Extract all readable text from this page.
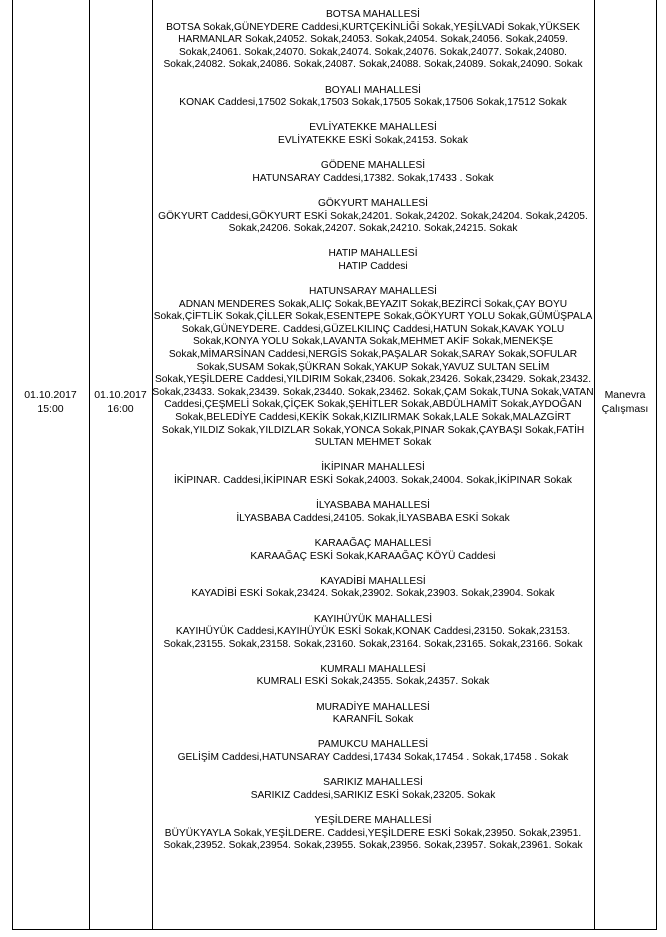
01.10.2017
15:00
01.10.2017
16:00
BOTSA MAHALLESİ
BOTSA Sokak,GÜNEYDERE Caddesi,KURTÇEKİNLİĞİ Sokak,YEŞİLVADİ Sokak,YÜKSEK HARMANLAR Sokak,24052. Sokak,24053. Sokak,24054. Sokak,24056. Sokak,24059. Sokak,24061. Sokak,24070. Sokak,24074. Sokak,24076. Sokak,24077. Sokak,24080. Sokak,24082. Sokak,24086. Sokak,24087. Sokak,24088. Sokak,24089. Sokak,24090. Sokak
BOYALI MAHALLESİ
KONAK Caddesi,17502 Sokak,17503 Sokak,17505 Sokak,17506 Sokak,17512 Sokak
EVLİYATEKKE MAHALLESİ
EVLİYATEKKE ESKİ Sokak,24153. Sokak
GÖDENE MAHALLESİ
HATUNSARAY Caddesi,17382. Sokak,17433 . Sokak
GÖKYURT MAHALLESİ
GÖKYURT Caddesi,GÖKYURT ESKİ Sokak,24201. Sokak,24202. Sokak,24204. Sokak,24205. Sokak,24206. Sokak,24207. Sokak,24210. Sokak,24215. Sokak
HATIP MAHALLESİ
HATIP Caddesi
HATUNSARAY MAHALLESİ
ADNAN MENDERES Sokak,ALIÇ Sokak,BEYAZIT Sokak,BEZİRCİ Sokak,ÇAY BOYU Sokak,ÇİFTLİK Sokak,ÇİLLER Sokak,ESENTEPE Sokak,GÖKYURT YOLU Sokak,GÜMÜŞPALA Sokak,GÜNEYDERE. Caddesi,GÜZELKILINÇ Caddesi,HATUN Sokak,KAVAK YOLU Sokak,KONYA YOLU Sokak,LAVANTA Sokak,MEHMET AKİF Sokak,MENEKŞE Sokak,MİMARSİNAN Caddesi,NERGİS Sokak,PAŞALAR Sokak,SARAY Sokak,SOFULAR Sokak,SUSAM Sokak,ŞÜKRAN Sokak,YAKUP Sokak,YAVUZ SULTAN SELİM Sokak,YEŞİLDERE Caddesi,YILDIRIM Sokak,23406. Sokak,23426. Sokak,23429. Sokak,23432. Sokak,23433. Sokak,23439. Sokak,23440. Sokak,23462. Sokak,ÇAM Sokak,TUNA Sokak,VATAN Caddesi,ÇEŞMELİ Sokak,ÇİÇEK Sokak,ŞEHİTLER Sokak,ABDÜLHAMİT Sokak,AYDOĞAN Sokak,BELEDİYE Caddesi,KEKİK Sokak,KIZILIRMAK Sokak,LALE Sokak,MALAZGİRT Sokak,YILDIZ Sokak,YILDIZLAR Sokak,YONCA Sokak,PINAR Sokak,ÇAYBAŞI Sokak,FATİH SULTAN MEHMET Sokak
İKİPINAR MAHALLESİ
İKİPINAR. Caddesi,İKİPINAR ESKİ Sokak,24003. Sokak,24004. Sokak,İKİPINAR Sokak
İLYASBABA MAHALLESİ
İLYASBABA Caddesi,24105. Sokak,İLYASBABA ESKİ Sokak
KARAAĞAÇ MAHALLESİ
KARAAĞAÇ ESKİ Sokak,KARAAĞAÇ KÖYÜ Caddesi
KAYADİBİ MAHALLESİ
KAYADİBİ ESKİ Sokak,23424. Sokak,23902. Sokak,23903. Sokak,23904. Sokak
KAYIHÜYÜK MAHALLESİ
KAYIHÜYÜK Caddesi,KAYIHÜYÜK ESKİ Sokak,KONAK Caddesi,23150. Sokak,23153. Sokak,23155. Sokak,23158. Sokak,23160. Sokak,23164. Sokak,23165. Sokak,23166. Sokak
KUMRALI MAHALLESİ
KUMRALI ESKİ Sokak,24355. Sokak,24357. Sokak
MURADİYE MAHALLESİ
KARANFİL Sokak
PAMUKCU MAHALLESİ
GELİŞİM Caddesi,HATUNSARAY Caddesi,17434 Sokak,17454 . Sokak,17458 . Sokak
SARIKIZ MAHALLESİ
SARIKIZ Caddesi,SARIKIZ ESKİ Sokak,23205. Sokak
YEŞİLDERE MAHALLESİ
BÜYÜKYAYLA Sokak,YEŞİLDERE. Caddesi,YEŞİLDERE ESKİ Sokak,23950. Sokak,23951. Sokak,23952. Sokak,23954. Sokak,23955. Sokak,23956. Sokak,23957. Sokak,23961. Sokak
Manevra
Çalışması
